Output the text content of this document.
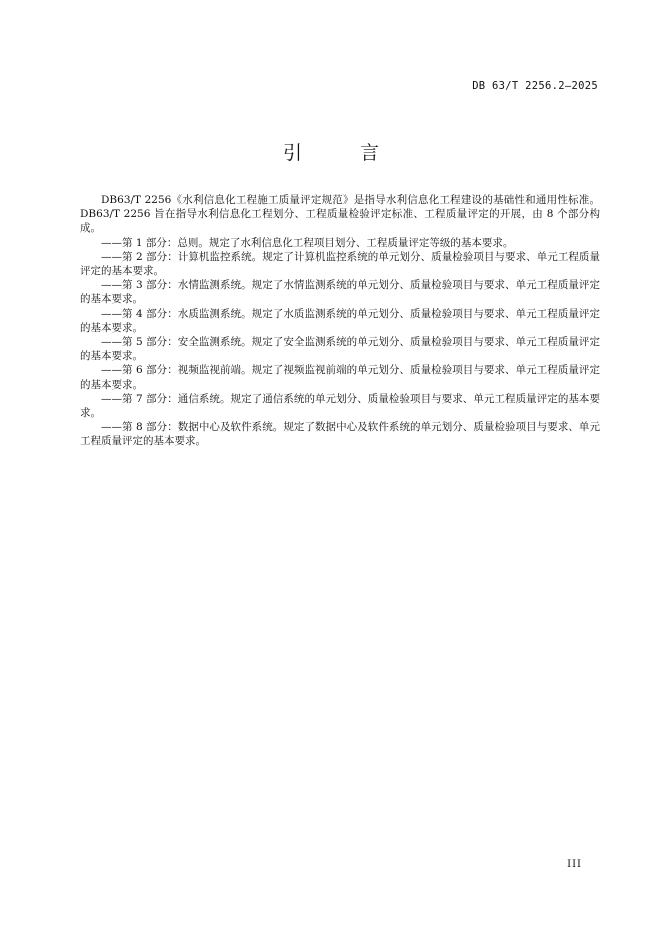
DB 63/T 2256.2—2025
引 言

DB63/T 2256《水利信息化工程施工质量评定规范》是指导水利信息化工程建设的基础性和通用性标准。DB63/T 2256 旨在指导水利信息化工程划分、工程质量检验评定标准、工程质量评定的开展，由 8 个部分构成。

——第 1 部分：总则。规定了水利信息化工程项目划分、工程质量评定等级的基本要求。

——第 2 部分：计算机监控系统。规定了计算机监控系统的单元划分、质量检验项目与要求、单元工程质量评定的基本要求。

——第 3 部分：水情监测系统。规定了水情监测系统的单元划分、质量检验项目与要求、单元工程质量评定的基本要求。

——第 4 部分：水质监测系统。规定了水质监测系统的单元划分、质量检验项目与要求、单元工程质量评定的基本要求。

——第 5 部分：安全监测系统。规定了安全监测系统的单元划分、质量检验项目与要求、单元工程质量评定的基本要求。

——第 6 部分：视频监视前端。规定了视频监视前端的单元划分、质量检验项目与要求、单元工程质量评定的基本要求。

——第 7 部分：通信系统。规定了通信系统的单元划分、质量检验项目与要求、单元工程质量评定的基本要求。

——第 8 部分：数据中心及软件系统。规定了数据中心及软件系统的单元划分、质量检验项目与要求、单元工程质量评定的基本要求。

III
